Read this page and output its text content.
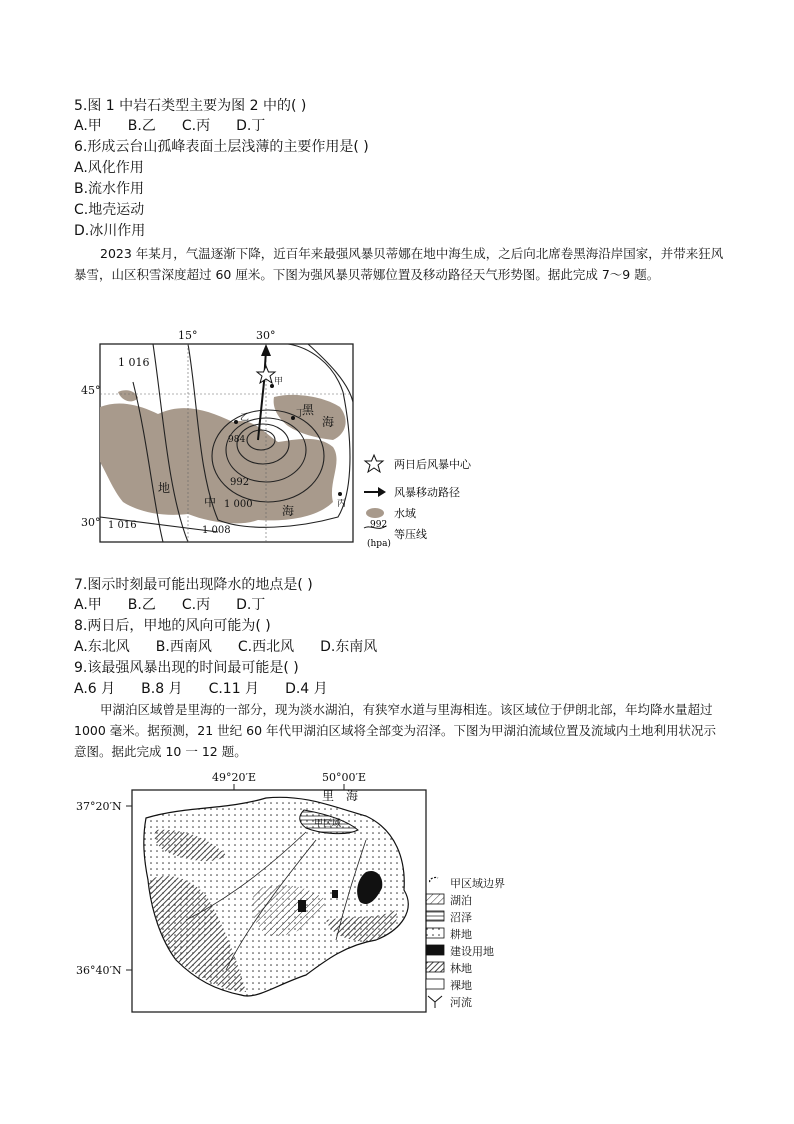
5.图 1 中岩石类型主要为图 2 中的( )
A.甲 B.乙 C.丙 D.丁
6.形成云台山孤峰表面土层浅薄的主要作用是( )
A.风化作用
B.流水作用
C.地壳运动
D.冰川作用
2023 年某月，气温逐渐下降，近百年来最强风暴贝蒂娜在地中海生成，之后向北席卷黑海沿岸国家，并带来狂风暴雪，山区积雪深度超过 60 厘米。下图为强风暴贝蒂娜位置及移动路径天气形势图。据此完成 7～9 题。
15°	30°
45°
30°
1 016
984
992
1 000
1 016	1 008
甲
乙
丙
丁
黑
海
地
中
海
两日后风暴中心
风暴移动路径
水域
992
(hpa)
等压线
7.图示时刻最可能出现降水的地点是( )
A.甲 B.乙 C.丙 D.丁
8.两日后，甲地的风向可能为( )
A.东北风 B.西南风 C.西北风 D.东南风
9.该最强风暴出现的时间最可能是( )
A.6 月 B.8 月 C.11 月 D.4 月
甲湖泊区域曾是里海的一部分，现为淡水湖泊，有狭窄水道与里海相连。该区域位于伊朗北部，年均降水量超过 1000 毫米。据预测，21 世纪 60 年代甲湖泊区域将全部变为沼泽。下图为甲湖泊流域位置及流域内土地利用状况示意图。据此完成 10 一 12 题。
49°20′E	50°00′E
37°20′N
36°40′N
里 海
甲区域
甲区域边界
湖泊
沼泽
耕地
建设用地
林地
裸地
河流
